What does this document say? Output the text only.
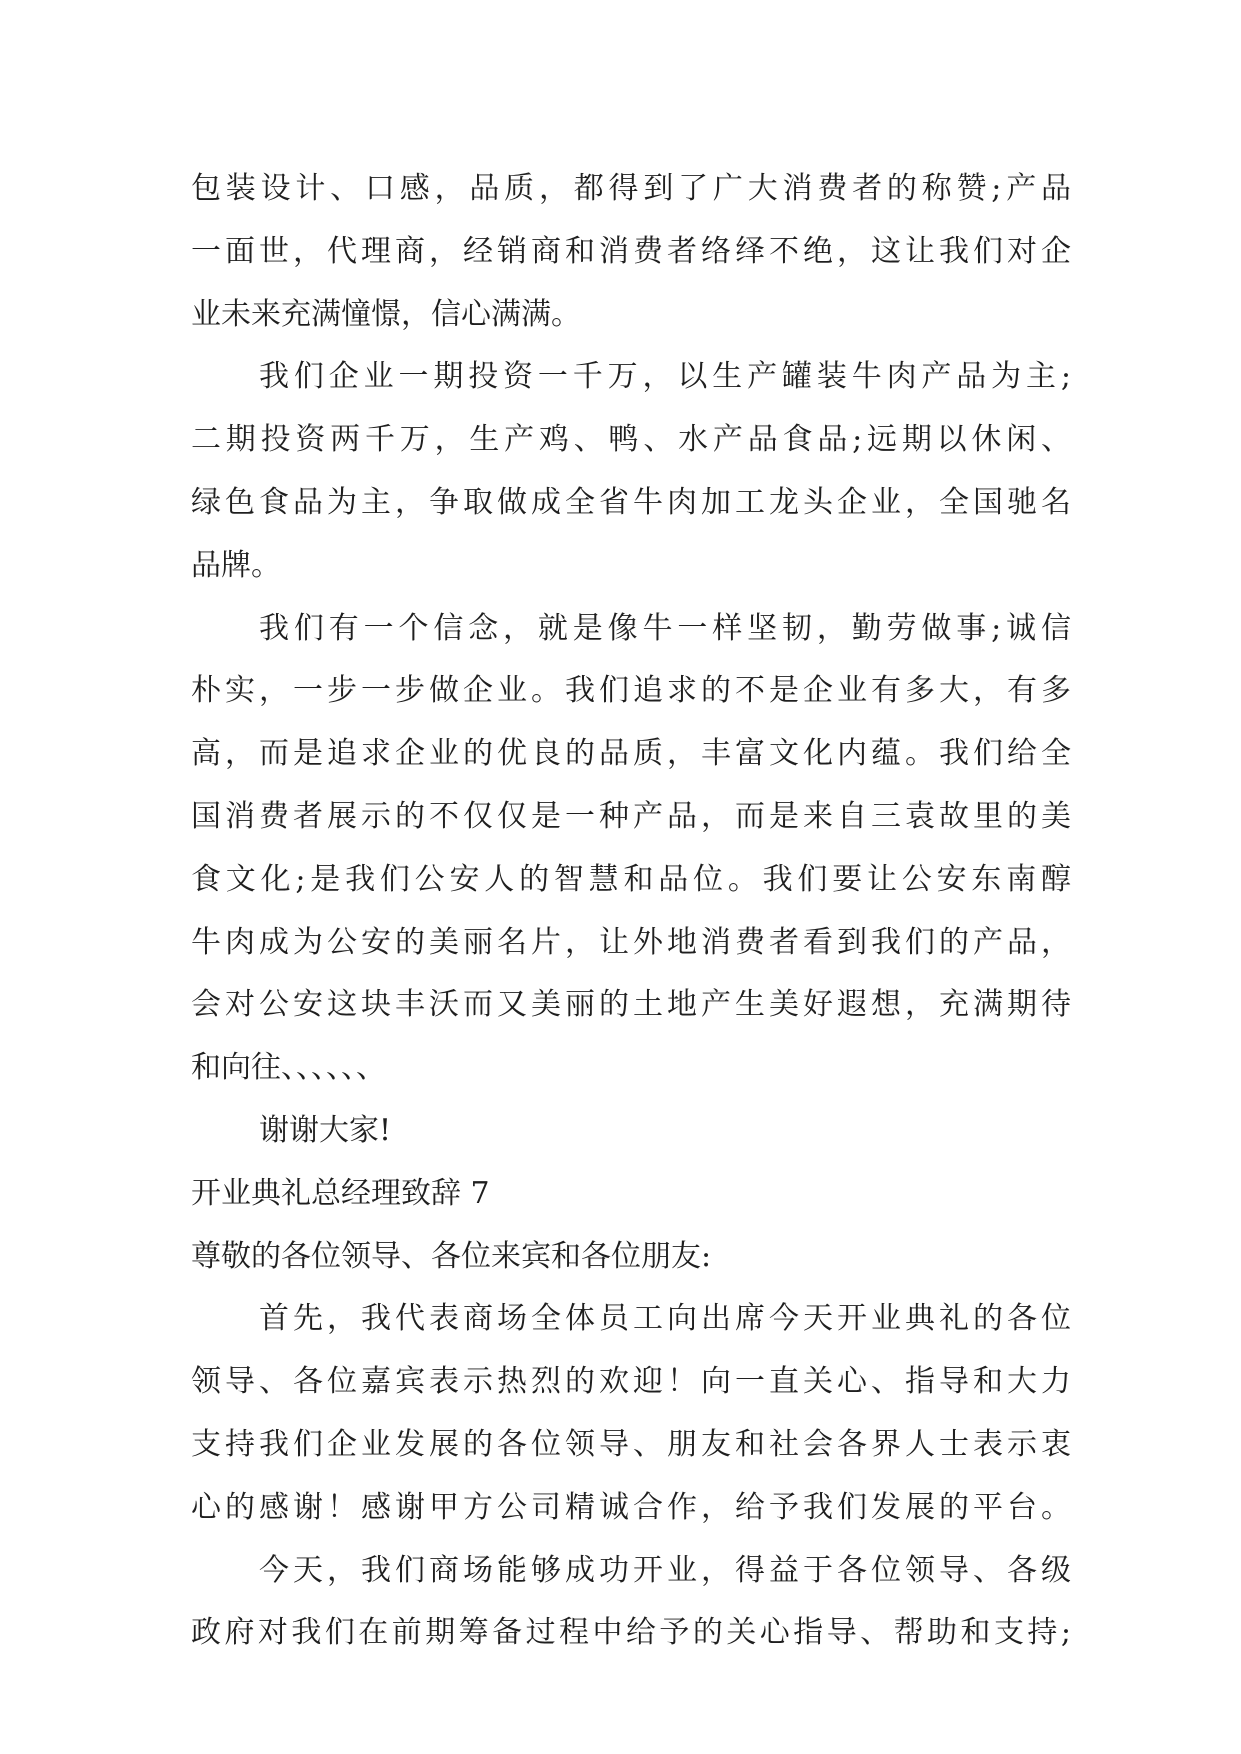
包装设计、口感，品质，都得到了广大消费者的称赞;产品
一面世，代理商，经销商和消费者络绎不绝，这让我们对企
业未来充满憧憬，信心满满。
我们企业一期投资一千万，以生产罐装牛肉产品为主;
二期投资两千万，生产鸡、鸭、水产品食品;远期以休闲、
绿色食品为主，争取做成全省牛肉加工龙头企业，全国驰名
品牌。
我们有一个信念，就是像牛一样坚韧，勤劳做事;诚信
朴实，一步一步做企业。我们追求的不是企业有多大，有多
高，而是追求企业的优良的品质，丰富文化内蕴。我们给全
国消费者展示的不仅仅是一种产品，而是来自三袁故里的美
食文化;是我们公安人的智慧和品位。我们要让公安东南醇
牛肉成为公安的美丽名片，让外地消费者看到我们的产品，
会对公安这块丰沃而又美丽的土地产生美好遐想，充满期待
和向往、、、、、、
谢谢大家!
开业典礼总经理致辞 7
尊敬的各位领导、各位来宾和各位朋友:
首先，我代表商场全体员工向出席今天开业典礼的各位
领导、各位嘉宾表示热烈的欢迎！向一直关心、指导和大力
支持我们企业发展的各位领导、朋友和社会各界人士表示衷
心的感谢！感谢甲方公司精诚合作，给予我们发展的平台。
今天，我们商场能够成功开业，得益于各位领导、各级
政府对我们在前期筹备过程中给予的关心指导、帮助和支持;
